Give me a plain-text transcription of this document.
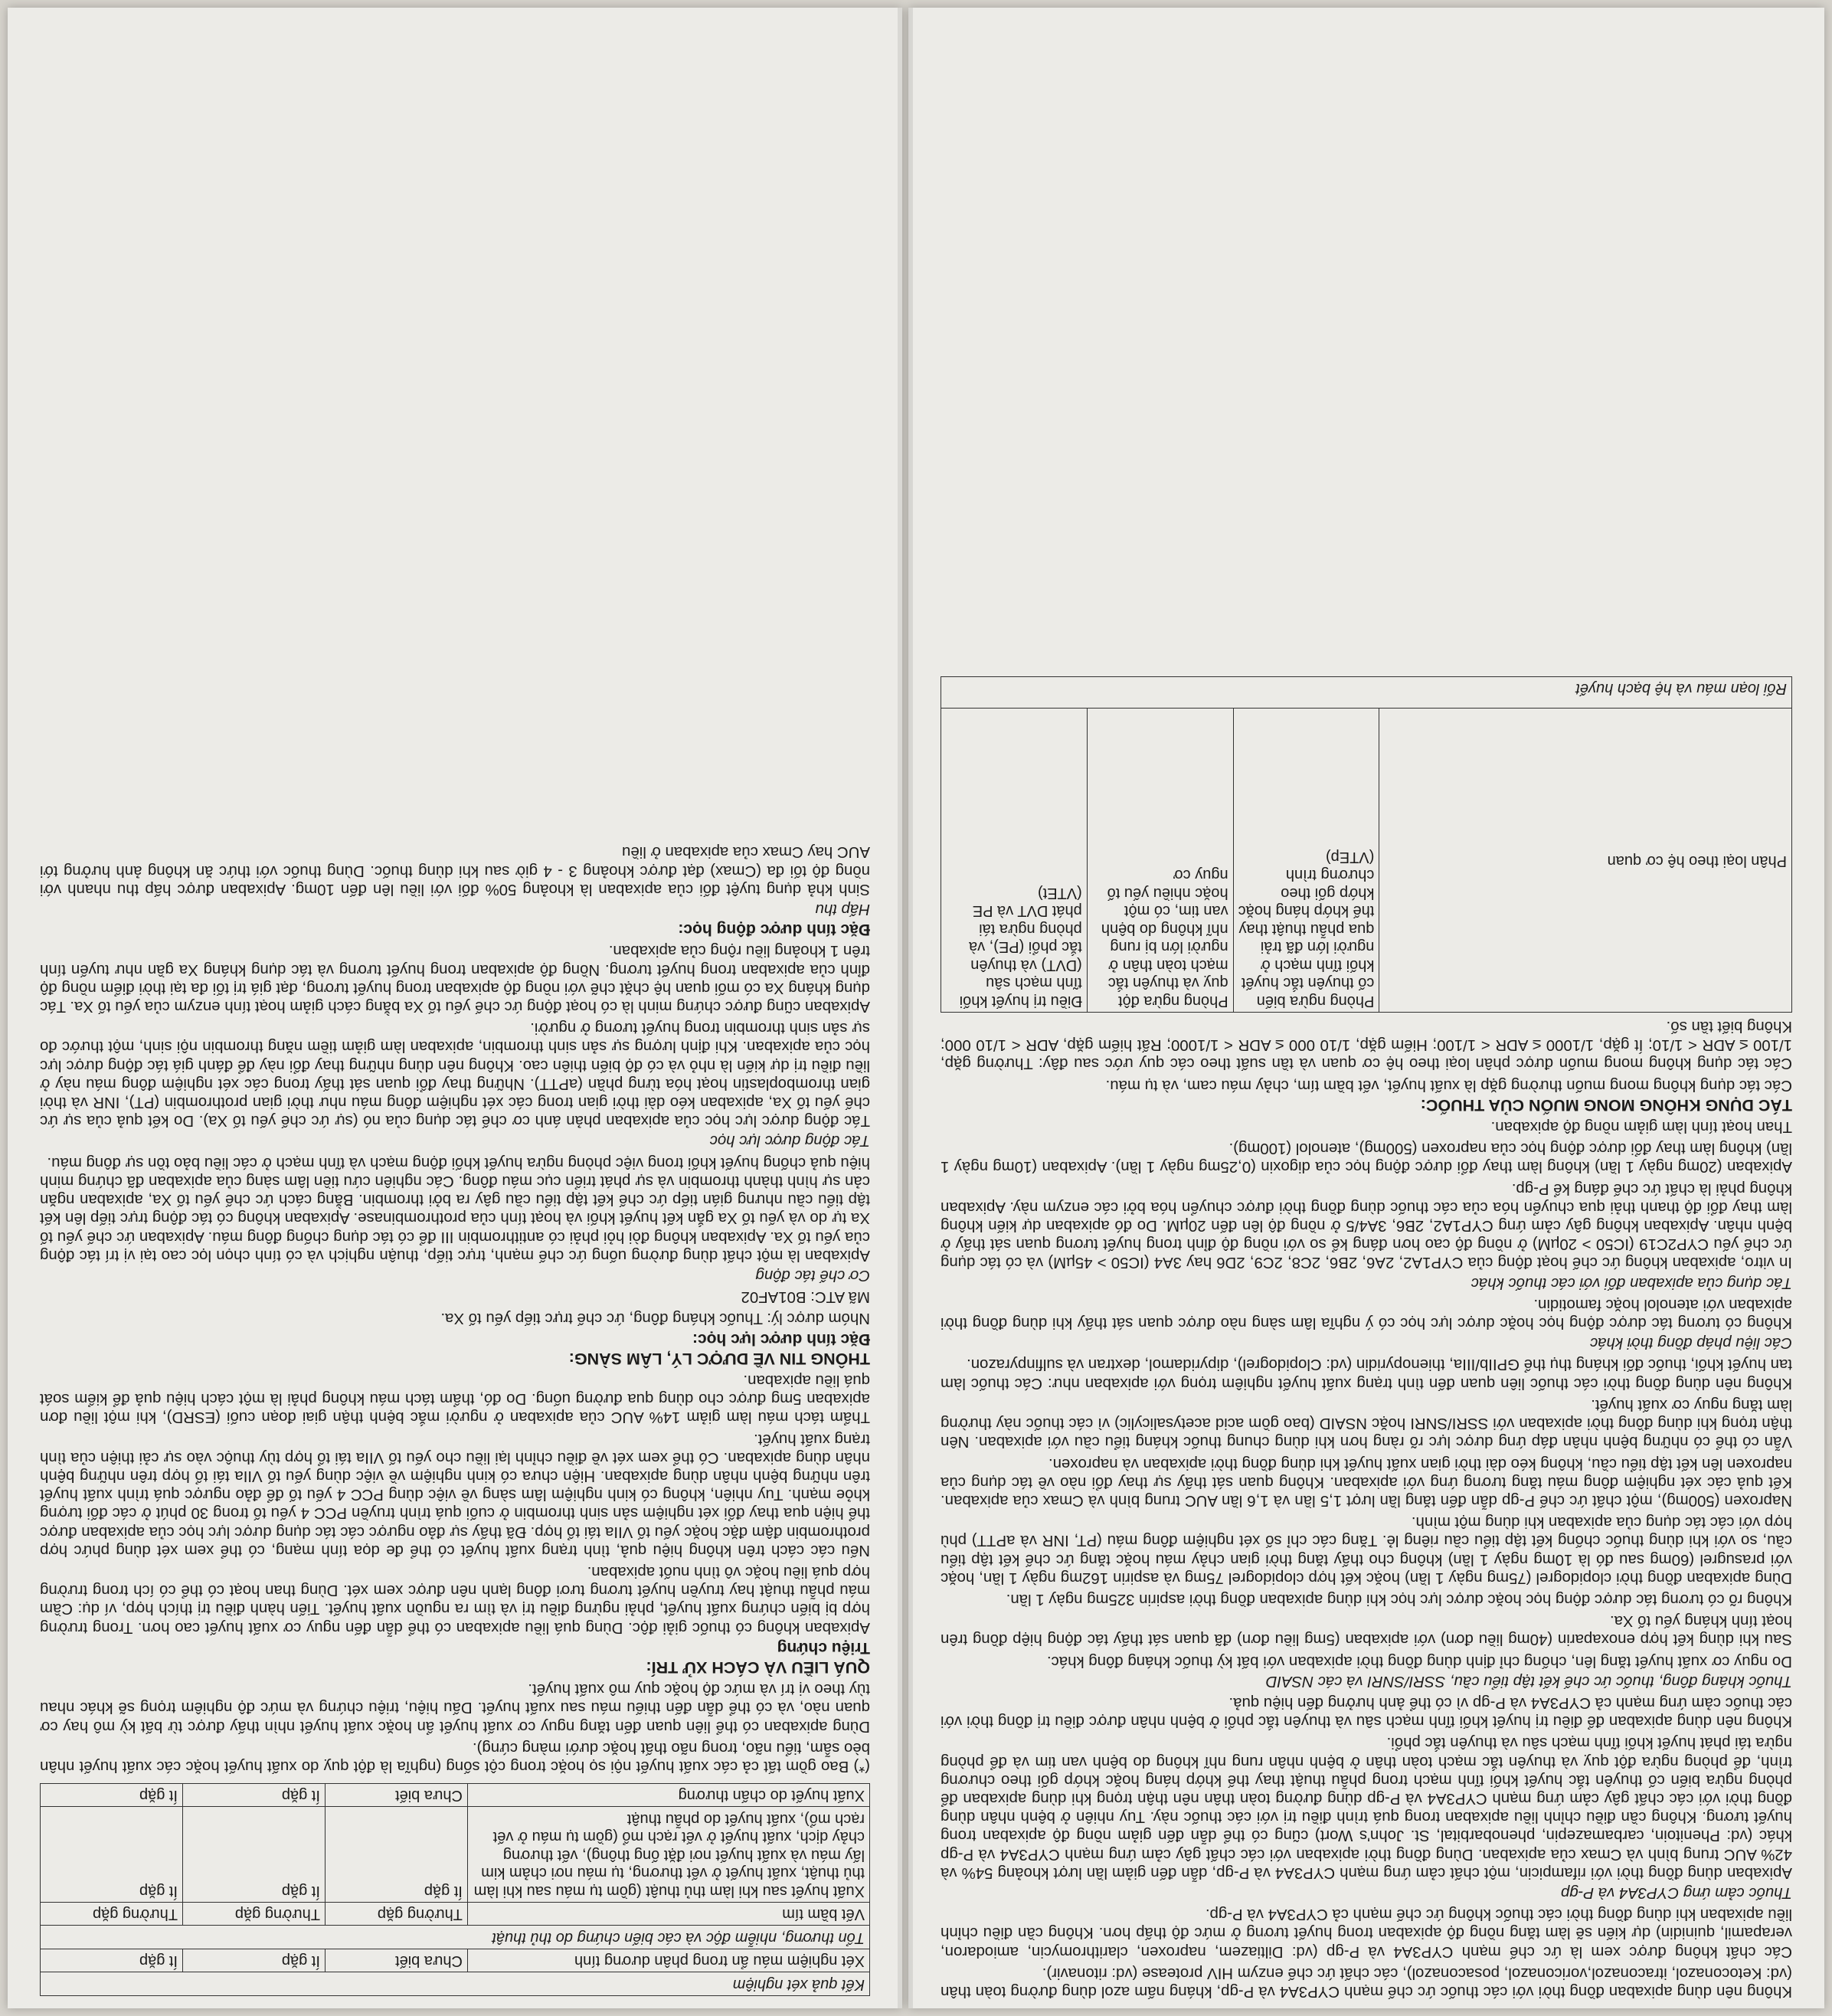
Không nên dùng apixaban đồng thời với các thuốc ức chế mạnh CYP3A4 và P-gp, kháng nấm azol dùng đường toàn thân (vd: Ketoconazol, itraconazol,voriconazol, posaconazol), các chất ức chế enzym HIV protease (vd: ritonavir).

Các chất không được xem là ức chế mạnh CYP3A4 và P-gp (vd: Diltiazem, naproxen, clarithromycin, amiodaron, verapamil, quinidin) dự kiến sẽ làm tăng nồng độ apixaban trong huyết tương ở mức độ thấp hơn. Không cần điều chỉnh liều apixaban khi dùng đồng thời các thuốc không ức chế mạnh cả CYP3A4 và P-gp.

Thuốc cảm ứng CYP3A4 và P-gp

Apixaban dùng đồng thời với rifampicin, một chất cảm ứng mạnh CYP3A4 và P-gp, dẫn đến giảm lần lượt khoảng 54% và 42% AUC trung bình và Cmax của apixaban. Dùng đồng thời apixaban với các chất gây cảm ứng mạnh CYP3A4 và P-gp khác (vd: Phenitoin, carbamazepin, phenobarbital, St. John's Wort) cũng có thể dẫn đến giảm nồng độ apixaban trong huyết tương. Không cần điều chỉnh liều apixaban trong quá trình điều trị với các thuốc này. Tuy nhiên ở bệnh nhân dùng đồng thời với các chất gây cảm ứng mạnh CYP3A4 và P-gp dùng đường toàn thân nên thận trọng khi dùng apixaban để phòng ngừa biến cố thuyên tắc huyết khối tĩnh mạch trong phẫu thuật thay thế khớp háng hoặc khớp gối theo chương trình, để phòng ngừa đột quỵ và thuyên tắc mạch toàn thân ở bệnh nhân rung nhĩ không do bệnh van tim và để phòng ngừa tái phát huyết khối tĩnh mạch sâu và thuyên tắc phổi.

Không nên dùng apixaban để điều trị huyết khối tĩnh mạch sâu và thuyên tắc phổi ở bệnh nhân được điều trị đồng thời với các thuốc cảm ứng mạnh cả CYP3A4 và P-gp vì có thể ảnh hưởng đến hiệu quả.

Thuốc kháng đông, thuốc ức chế kết tập tiểu cầu, SSRI/SNRI và các NSAID

Do nguy cơ xuất huyết tăng lên, chống chỉ định dùng đồng thời apixaban với bất kỳ thuốc kháng đông khác.

Sau khi dùng kết hợp enoxaparin (40mg liều đơn) với apixaban (5mg liều đơn) đã quan sát thấy tác động hiệp đồng trên hoạt tính kháng yếu tố Xa.

Không rõ có tương tác dược động học hoặc dược lực học khi dùng apixaban đồng thời aspirin 325mg ngày 1 lần.

Dùng apixaban đồng thời clopidogrel (75mg ngày 1 lần) hoặc kết hợp clopidogrel 75mg và aspirin 162mg ngày 1 lần, hoặc với prasugrel (60mg sau đó là 10mg ngày 1 lần) không cho thấy tăng thời gian chảy máu hoặc tăng ức chế kết tập tiểu cầu, so với khi dùng thuốc chống kết tập tiểu cầu riêng lẻ. Tăng các chỉ số xét nghiệm đông máu (PT, INR và aPTT) phù hợp với các tác dụng của apixaban khi dùng một mình.

Naproxen (500mg), một chất ức chế P-gp dẫn đến tăng lần lượt 1,5 lần và 1,6 lần AUC trung bình và Cmax của apixaban. Kết quả các xét nghiệm đông máu tăng tương ứng với apixaban. Không quan sát thấy sự thay đổi nào về tác dụng của naproxen lên kết tập tiểu cầu, không kéo dài thời gian xuất huyết khi dùng đồng thời apixaban và naproxen.

Vẫn có thể có những bệnh nhân đáp ứng dược lực rõ ràng hơn khi dùng chung thuốc kháng tiểu cầu với apixaban. Nên thận trọng khi dùng đồng thời apixaban với SSRI/SNRI hoặc NSAID (bao gồm acid acetysalicylic) vì các thuốc này thường làm tăng nguy cơ xuất huyết.

Không nên dùng đồng thời các thuốc liên quan đến tình trạng xuất huyết nghiêm trọng với apixaban như: Các thuốc làm tan huyết khối, thuốc đối kháng thụ thể GPIIb/IIIa, thienopyridin (vd: Clopidogrel), dipyridamol, dextran và sulfinpyrazon.

Các liệu pháp đồng thời khác

Không có tương tác dược động học hoặc dược lực học có ý nghĩa lâm sàng nào được quan sát thấy khi dùng đồng thời apixaban với atenolol hoặc famotidin.

Tác dụng của apixaban đối với các thuốc khác

In vitro, apixaban không ức chế hoạt động của CYP1A2, 2A6, 2B6, 2C8, 2C9, 2D6 hay 3A4 (IC50 > 45µM) và có tác dụng ức chế yếu CYP2C19 (IC50 > 20µM) ở nồng độ cao hơn đáng kể so với nồng độ đỉnh trong huyết tương quan sát thấy ở bệnh nhân. Apixaban không gây cảm ứng CYP1A2, 2B6, 3A4/5 ở nồng độ lên đến 20µM. Do đó apixaban dự kiến không làm thay đổi độ thanh thải qua chuyển hóa của các thuốc dùng đồng thời được chuyển hóa bởi các enzym này. Apixaban không phải là chất ức chế đáng kể P-gp.

Apixaban (20mg ngày 1 lần) không làm thay đổi dược động học của digoxin (0,25mg ngày 1 lần). Apixaban (10mg ngày 1 lần) không làm thay đổi dược động học của naproxen (500mg), atenolol (100mg).

Than hoạt tính làm giảm nồng độ apixaban.

TÁC DỤNG KHÔNG MONG MUỐN CỦA THUỐC:

Các tác dụng không mong muốn thường gặp là xuất huyết, vết bầm tím, chảy máu cam, và tụ máu.

Các tác dụng không mong muốn được phân loại theo hệ cơ quan và tần suất theo các quy ước sau đây: Thường gặp, 1/100 ≤ ADR < 1/10; Ít gặp, 1/1000 ≤ ADR < 1/100; Hiếm gặp, 1/10 000 ≤ ADR < 1/1000; Rất hiếm gặp, ADR < 1/10 000; Không biết tần số.

Phân loại theo hệ cơ quan	Phòng ngừa biến cố thuyên tắc huyết khối tĩnh mạch ở người lớn đã trải qua phẫu thuật thay thế khớp háng hoặc khớp gối theo chương trình (VTEp)	Phòng ngừa đột quỵ và thuyên tắc mạch toàn thân ở người lớn bị rung nhĩ không do bệnh van tim, có một hoặc nhiều yếu tố nguy cơ	Điều trị huyết khối tĩnh mạch sâu (DVT) và thuyên tắc phổi (PE), và phòng ngừa tái phát DVT và PE (VTEt)
Rối loạn máu và hệ bạch huyết
Kết quả xét nghiệm			
Xét nghiệm máu ẩn trong phân dương tính	Chưa biết	Ít gặp	Ít gặp
Tổn thương, nhiễm độc và các biến chứng do thủ thuật			
Vết bầm tím	Thường gặp	Thường gặp	Thường gặp
Xuất huyết sau khi làm thủ thuật (gồm tụ máu sau khi làm thủ thuật, xuất huyết ở vết thương, tụ máu nơi chảm kim lấy máu và xuất huyết nơi đặt ống thông), vết thương chảy dịch, xuất huyết ở vết rạch mổ (gồm tụ máu ở vết rạch mổ), xuất huyết do phẫu thuật	Ít gặp	Ít gặp	Ít gặp
Xuất huyết do chấn thương	Chưa biết	Ít gặp	Ít gặp

(*) Bao gồm tất cả các xuất huyết nội sọ hoặc trong cột sống (nghĩa là đột quỵ do xuất huyết hoặc các xuất huyết nhân bèo sẫm, tiểu não, trong não thất hoặc dưới màng cứng).

Dùng apixaban có thể liên quan đến tăng nguy cơ xuất huyết ẩn hoặc xuất huyết nhìn thấy được từ bất kỳ mô hay cơ quan nào, và có thể dẫn đến thiếu máu sau xuất huyết. Dấu hiệu, triệu chứng và mức độ nghiêm trọng sẽ khác nhau tùy theo vị trí và mức độ hoặc quy mô xuất huyết.

QUÁ LIỀU VÀ CÁCH XỬ TRÍ:
Triệu chứng

Apixaban không có thuốc giải độc. Dùng quá liều apixaban có thể dẫn đến nguy cơ xuất huyết cao hơn. Trong trường hợp bị biến chứng xuất huyết, phải ngừng điều trị và tìm ra nguồn xuất huyết. Tiến hành điều trị thích hợp, ví dụ: Cầm máu phẫu thuật hay truyền huyết tương tươi đông lạnh nên được xem xét. Dùng than hoạt có thể có ích trong trường hợp quá liều hoặc vô tình nuốt apixaban.

Nếu các cách trên không hiệu quả, tình trạng xuất huyết có thể đe dọa tính mạng, có thể xem xét dùng phức hợp prothrombin đậm đặc hoặc yếu tố VIIa tái tổ hợp. Đã thấy sự đảo ngược các tác dụng dược lực học của apixaban được thể hiện qua thay đổi xét nghiệm sản sinh thrombin ở cuối quá trình truyền PCC 4 yếu tố trong 30 phút ở các đối tượng khỏe mạnh. Tuy nhiên, không có kinh nghiệm lâm sàng về việc dùng PCC 4 yếu tố để đảo ngược quá trình xuất huyết trên những bệnh nhân dùng apixaban. Hiện chưa có kinh nghiệm về việc dùng yếu tố VIIa tái tổ hợp trên những bệnh nhân dùng apixaban. Có thể xem xét về điều chỉnh lại liều cho yếu tố VIIa tái tổ hợp tùy thuộc vào sự cải thiện của tình trạng xuất huyết.

Thẩm tách máu làm giảm 14% AUC của apixaban ở người mắc bệnh thận giai đoạn cuối (ESRD), khi một liều đơn apixaban 5mg được cho dùng qua đường uống. Do đó, thẩm tách máu không phải là một cách hiệu quả để kiểm soát quá liều apixaban.

THÔNG TIN VỀ DƯỢC LÝ, LÂM SÀNG:
Đặc tính dược lực học:

Nhóm dược lý: Thuốc kháng đông, ức chế trực tiếp yếu tố Xa.

Mã ATC: B01AF02

Cơ chế tác động

Apixaban là một chất dùng đường uống ức chế mạnh, trực tiếp, thuận nghịch và có tính chọn lọc cao tại vị trí tác động của yếu tố Xa. Apixaban không đòi hỏi phải có antithrombin III để có tác dụng chống đông máu. Apixaban ức chế yếu tố Xa tự do và yếu tố Xa gắn kết huyết khối và hoạt tính của prothrombinase. Apixaban không có tác động trực tiếp lên kết tập tiểu cầu nhưng gián tiếp ức chế kết tập tiểu cầu gây ra bởi thrombin. Bằng cách ức chế yếu tố Xa, apixaban ngăn cản sự hình thành thrombin và sự phát triển cục máu đông. Các nghiên cứu tiền lâm sàng của apixaban đã chứng minh hiệu quả chống huyết khối trong việc phòng ngừa huyết khối động mạch và tĩnh mạch ở các liều bảo tồn sự đông máu.

Tác động dược lực học

Tác động dược lực học của apixaban phản ánh cơ chế tác dụng của nó (sự ức chế yếu tố Xa). Do kết quả của sự ức chế yếu tố Xa, apixaban kéo dài thời gian trong các xét nghiệm đông máu như thời gian prothrombin (PT), INR và thời gian thromboplastin hoạt hóa từng phần (aPTT). Những thay đổi quan sát thấy trong các xét nghiệm đông máu này ở liều điều trị dự kiến là nhỏ và có độ biến thiên cao. Không nên dùng những thay đổi này để đánh giá tác động dược lực học của apixaban. Khi định lượng sự sản sinh thrombin, apixaban làm giảm tiềm năng thrombin nội sinh, một thước đo sự sản sinh thrombin trong huyết tương ở người.

Apixaban cũng được chứng minh là có hoạt động ức chế yếu tố Xa bằng cách giảm hoạt tính enzym của yếu tố Xa. Tác dụng kháng Xa có mối quan hệ chặt chẽ với nồng độ apixaban trong huyết tương, đạt giá trị tối đa tại thời điểm nồng độ đỉnh của apixaban trong huyết tương. Nồng độ apixaban trong huyết tương và tác dụng kháng Xa gần như tuyến tính trên 1 khoảng liều rộng của apixaban.

Đặc tính dược động học:
Hấp thu

Sinh khả dụng tuyệt đối của apixaban là khoảng 50% đối với liều lên đến 10mg. Apixaban được hấp thu nhanh với nồng độ tối đa (Cmax) đạt được khoảng 3 - 4 giờ sau khi dùng thuốc. Dùng thuốc với thức ăn không ảnh hưởng tới AUC hay Cmax của apixaban ở liều
